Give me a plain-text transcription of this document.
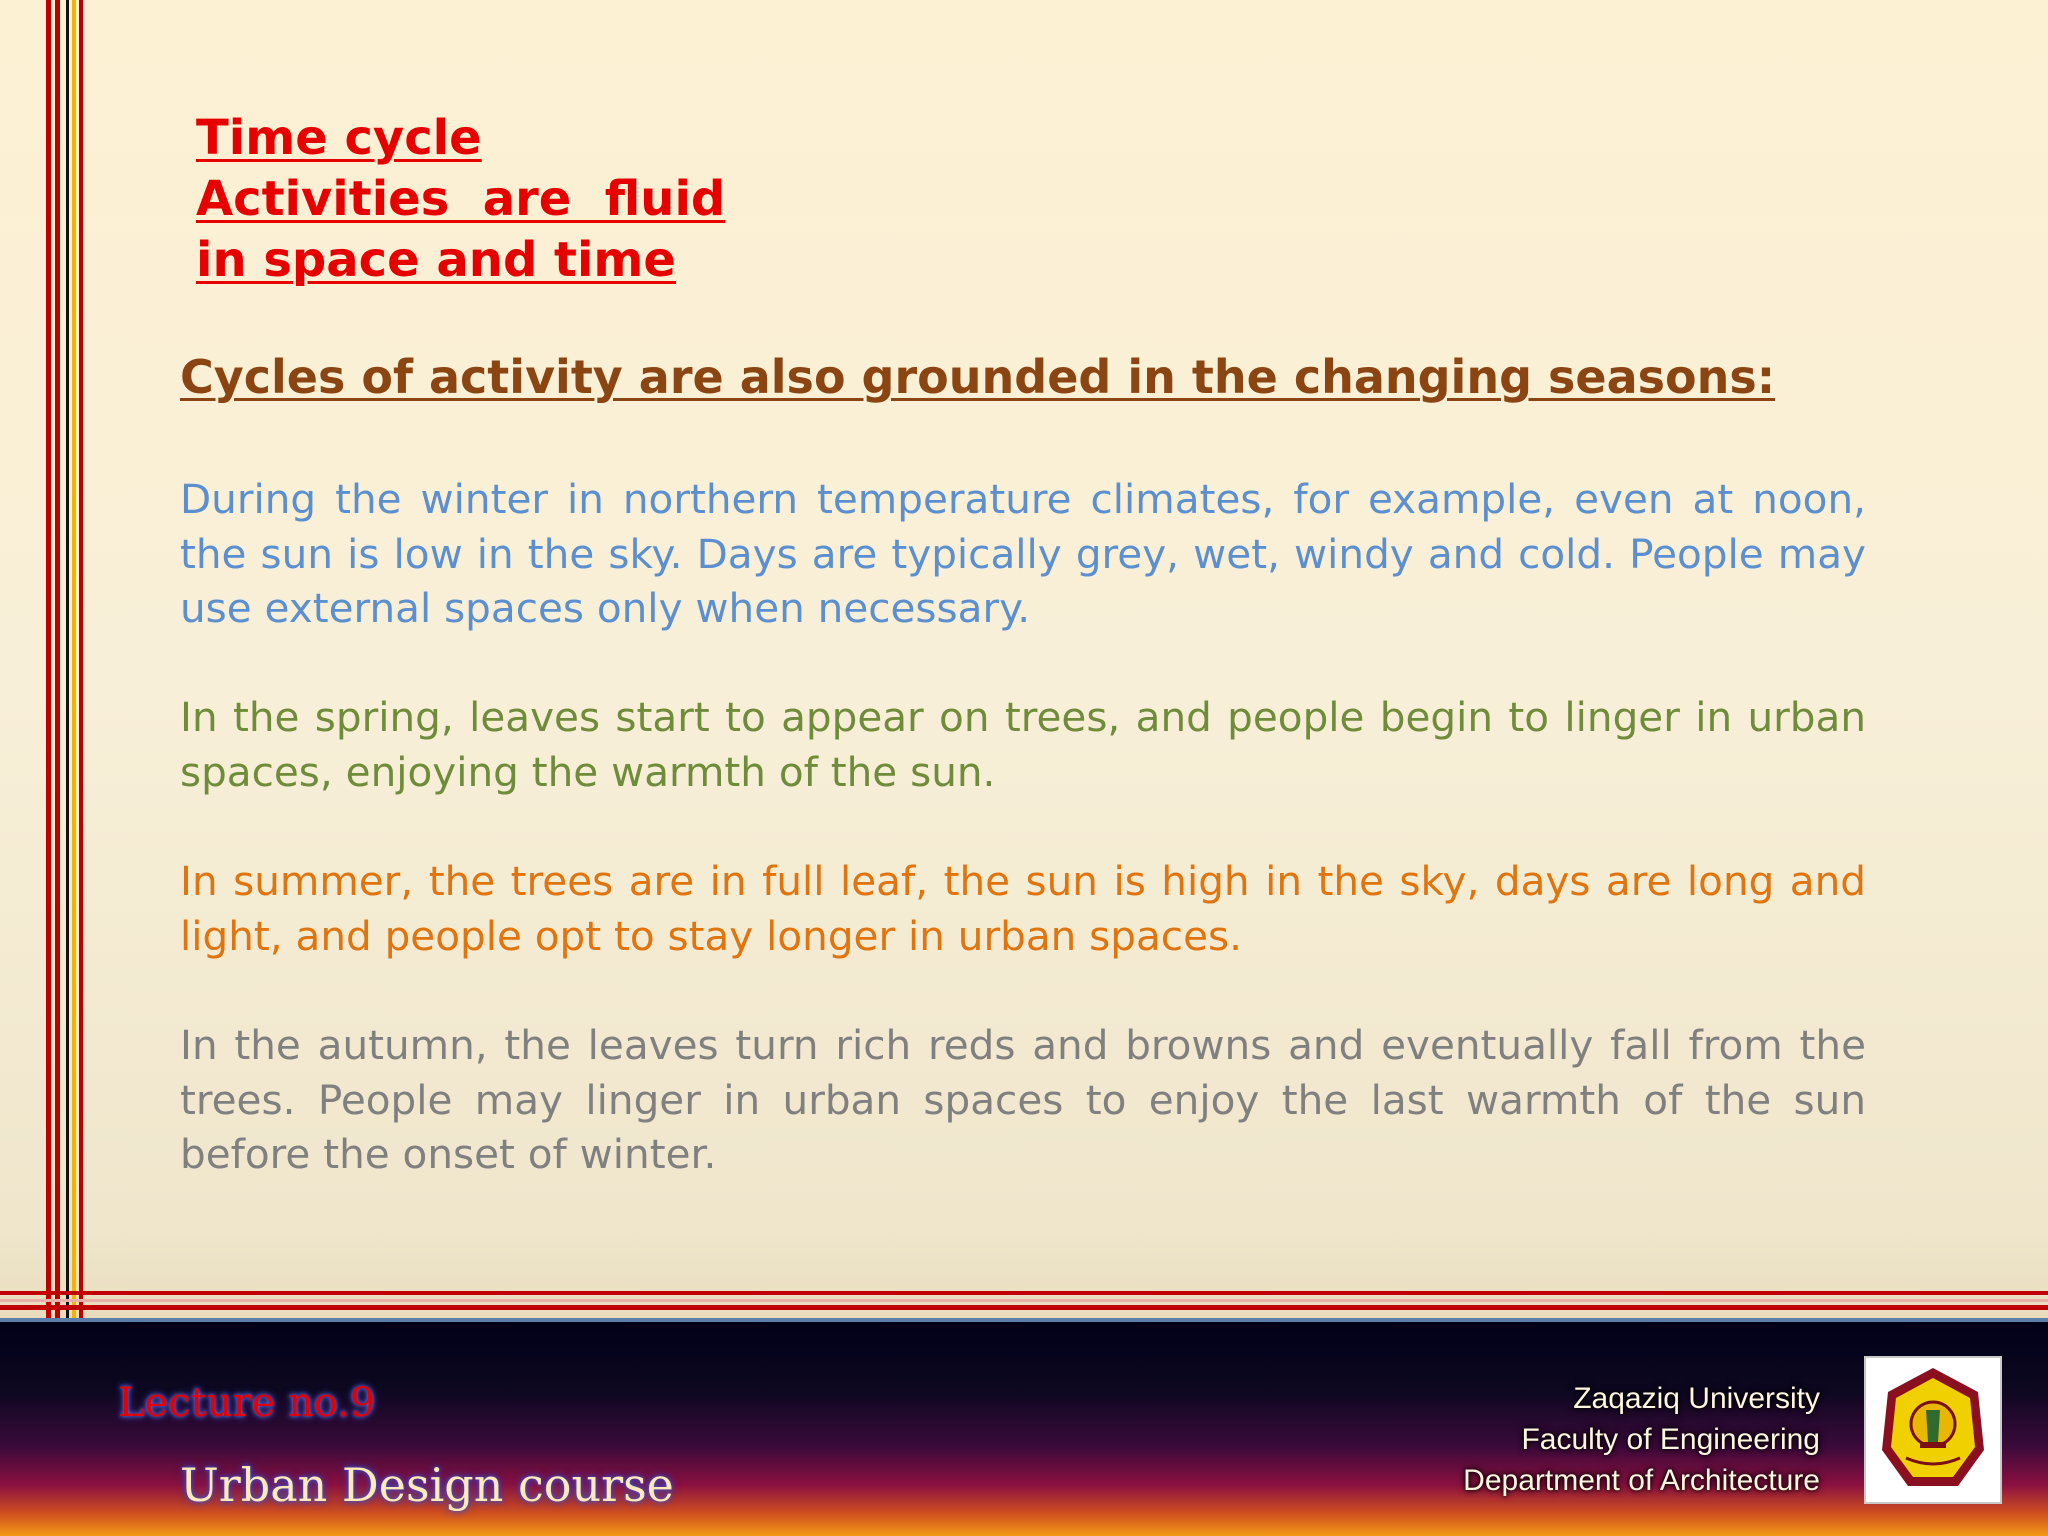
Time cycle
Activities  are  fluid
in space and time
Cycles of activity are also grounded in the changing seasons:

During the winter in northern temperature climates, for example, even at noon, the sun is low in the sky. Days are typically grey, wet, windy and cold. People may use external spaces only when necessary.

In the spring, leaves start to appear on trees, and people begin to linger in urban spaces, enjoying the warmth of the sun.

In summer, the trees are in full leaf, the sun is high in the sky, days are long and light, and people opt to stay longer in urban spaces.

In the autumn, the leaves turn rich reds and browns and eventually fall from the trees. People may linger in urban spaces to enjoy the last warmth of the sun before the onset of winter.

Lecture no.9
Urban Design course
Zaqaziq University
Faculty of Engineering
Department of Architecture
